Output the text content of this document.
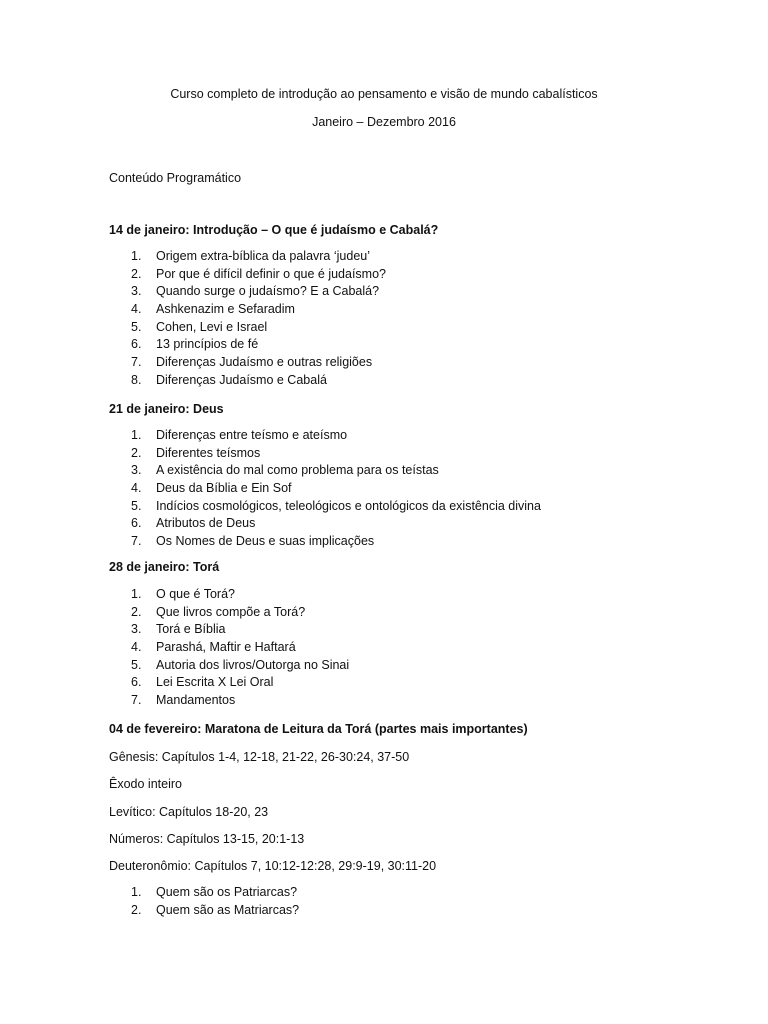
Curso completo de introdução ao pensamento e visão de mundo cabalísticos
Janeiro – Dezembro 2016
Conteúdo Programático
14 de janeiro: Introdução – O que é judaísmo e Cabalá?
1.	Origem extra-bíblica da palavra ‘judeu’
2.	Por que é difícil definir o que é judaísmo?
3.	Quando surge o judaísmo? E a Cabalá?
4.	Ashkenazim e Sefaradim
5.	Cohen, Levi e Israel
6.	13 princípios de fé
7.	Diferenças Judaísmo e outras religiões
8.	Diferenças Judaísmo e Cabalá
21 de janeiro: Deus
1.	Diferenças entre teísmo e ateísmo
2.	Diferentes teísmos
3.	A existência do mal como problema para os teístas
4.	Deus da Bíblia e Ein Sof
5.	Indícios cosmológicos, teleológicos e ontológicos da existência divina
6.	Atributos de Deus
7.	Os Nomes de Deus e suas implicações
28 de janeiro: Torá
1.	O que é Torá?
2.	Que livros compõe a Torá?
3.	Torá e Bíblia
4.	Parashá, Maftir e Haftará
5.	Autoria dos livros/Outorga no Sinai
6.	Lei Escrita X Lei Oral
7.	Mandamentos
04 de fevereiro: Maratona de Leitura da Torá (partes mais importantes)
Gênesis: Capítulos 1-4, 12-18, 21-22, 26-30:24, 37-50
Êxodo inteiro
Levítico: Capítulos 18-20, 23
Números: Capítulos 13-15, 20:1-13
Deuteronômio: Capítulos 7, 10:12-12:28, 29:9-19, 30:11-20
1.	Quem são os Patriarcas?
2.	Quem são as Matriarcas?
